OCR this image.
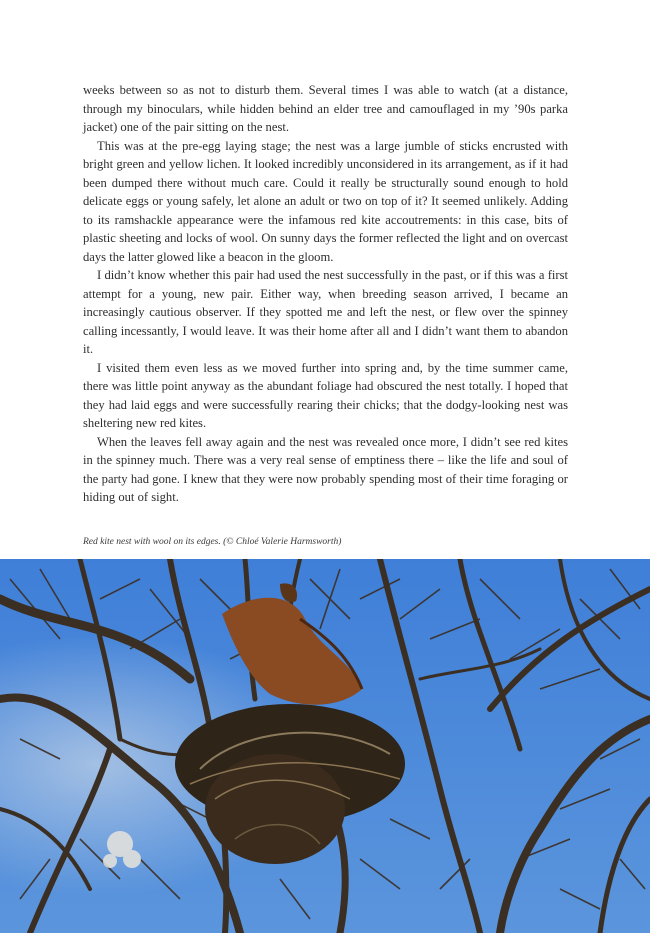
weeks between so as not to disturb them. Several times I was able to watch (at a distance, through my binoculars, while hidden behind an elder tree and camouflaged in my ’90s parka jacket) one of the pair sitting on the nest.

This was at the pre-egg laying stage; the nest was a large jumble of sticks encrusted with bright green and yellow lichen. It looked incredibly unconsidered in its arrangement, as if it had been dumped there without much care. Could it really be structurally sound enough to hold delicate eggs or young safely, let alone an adult or two on top of it? It seemed unlikely. Adding to its ramshackle appearance were the infamous red kite accoutrements: in this case, bits of plastic sheeting and locks of wool. On sunny days the former reflected the light and on overcast days the latter glowed like a beacon in the gloom.

I didn’t know whether this pair had used the nest successfully in the past, or if this was a first attempt for a young, new pair. Either way, when breeding season arrived, I became an increasingly cautious observer. If they spotted me and left the nest, or flew over the spinney calling incessantly, I would leave. It was their home after all and I didn’t want them to abandon it.

I visited them even less as we moved further into spring and, by the time summer came, there was little point anyway as the abundant foliage had obscured the nest totally. I hoped that they had laid eggs and were successfully rearing their chicks; that the dodgy-looking nest was sheltering new red kites.

When the leaves fell away again and the nest was revealed once more, I didn’t see red kites in the spinney much. There was a very real sense of emptiness there – like the life and soul of the party had gone. I knew that they were now probably spending most of their time foraging or hiding out of sight.

Red kite nest with wool on its edges. (© Chloé Valerie Harmsworth)
